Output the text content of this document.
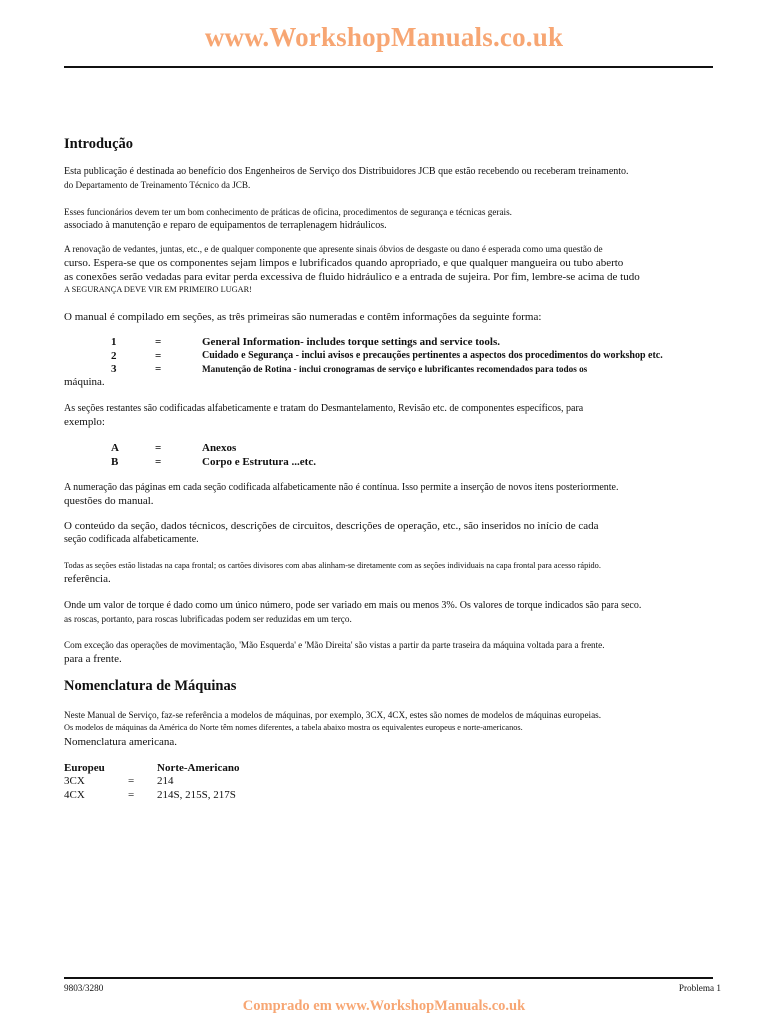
www.WorkshopManuals.co.uk
Introdução
Esta publicação é destinada ao benefício dos Engenheiros de Serviço dos Distribuidores JCB que estão recebendo ou receberam treinamento.
do Departamento de Treinamento Técnico da JCB.
Esses funcionários devem ter um bom conhecimento de práticas de oficina, procedimentos de segurança e técnicas gerais.
associado à manutenção e reparo de equipamentos de terraplenagem hidráulicos.
A renovação de vedantes, juntas, etc., e de qualquer componente que apresente sinais óbvios de desgaste ou dano é esperada como uma questão de
curso. Espera-se que os componentes sejam limpos e lubrificados quando apropriado, e que qualquer mangueira ou tubo aberto
as conexões serão vedadas para evitar perda excessiva de fluido hidráulico e a entrada de sujeira. Por fim, lembre-se acima de tudo
A SEGURANÇA DEVE VIR EM PRIMEIRO LUGAR!
O manual é compilado em seções, as três primeiras são numeradas e contêm informações da seguinte forma:
1	=	General Information- includes torque settings and service tools.
2	=	Cuidado e Segurança - inclui avisos e precauções pertinentes a aspectos dos procedimentos do workshop etc.
3	=	Manutenção de Rotina - inclui cronogramas de serviço e lubrificantes recomendados para todos os
máquina.
As seções restantes são codificadas alfabeticamente e tratam do Desmantelamento, Revisão etc. de componentes específicos, para
exemplo:
A	=	Anexos
B	=	Corpo e Estrutura ...etc.
A numeração das páginas em cada seção codificada alfabeticamente não é contínua. Isso permite a inserção de novos itens posteriormente.
questões do manual.
O conteúdo da seção, dados técnicos, descrições de circuitos, descrições de operação, etc., são inseridos no início de cada
seção codificada alfabeticamente.
Todas as seções estão listadas na capa frontal; os cartões divisores com abas alinham-se diretamente com as seções individuais na capa frontal para acesso rápido.
referência.
Onde um valor de torque é dado como um único número, pode ser variado em mais ou menos 3%. Os valores de torque indicados são para seco.
as roscas, portanto, para roscas lubrificadas podem ser reduzidas em um terço.
Com exceção das operações de movimentação, 'Mão Esquerda' e 'Mão Direita' são vistas a partir da parte traseira da máquina voltada para a frente.
para a frente.
Nomenclatura de Máquinas
Neste Manual de Serviço, faz-se referência a modelos de máquinas, por exemplo, 3CX, 4CX, estes são nomes de modelos de máquinas europeias.
Os modelos de máquinas da América do Norte têm nomes diferentes, a tabela abaixo mostra os equivalentes europeus e norte-americanos.
Nomenclatura americana.
Europeu	Norte-Americano
3CX	= 214
4CX	= 214S, 215S, 217S
9803/3280	Problema 1
Comprado em www.WorkshopManuals.co.uk
